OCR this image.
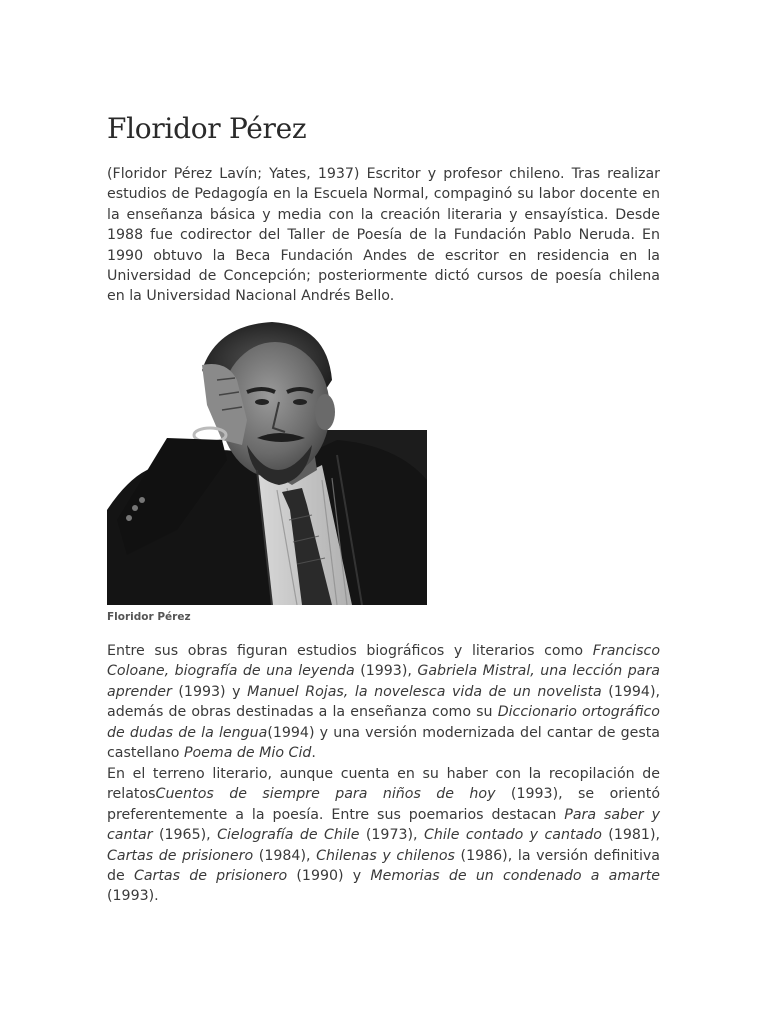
Floridor Pérez

(Floridor Pérez Lavín; Yates, 1937) Escritor y profesor chileno. Tras realizar estudios de Pedagogía en la Escuela Normal, compaginó su labor docente en la enseñanza básica y media con la creación literaria y ensayística. Desde 1988 fue codirector del Taller de Poesía de la Fundación Pablo Neruda. En 1990 obtuvo la Beca Fundación Andes de escritor en residencia en la Universidad de Concepción; posteriormente dictó cursos de poesía chilena en la Universidad Nacional Andrés Bello.

Floridor Pérez

Entre sus obras figuran estudios biográficos y literarios como Francisco Coloane, biografía de una leyenda (1993), Gabriela Mistral, una lección para aprender (1993) y Manuel Rojas, la novelesca vida de un novelista (1994), además de obras destinadas a la enseñanza como su Diccionario ortográfico de dudas de la lengua(1994) y una versión modernizada del cantar de gesta castellano Poema de Mio Cid.

En el terreno literario, aunque cuenta en su haber con la recopilación de relatosCuentos de siempre para niños de hoy (1993), se orientó preferentemente a la poesía. Entre sus poemarios destacan Para saber y cantar (1965), Cielografía de Chile (1973), Chile contado y cantado (1981), Cartas de prisionero (1984), Chilenas y chilenos (1986), la versión definitiva de Cartas de prisionero (1990) y Memorias de un condenado a amarte (1993).
